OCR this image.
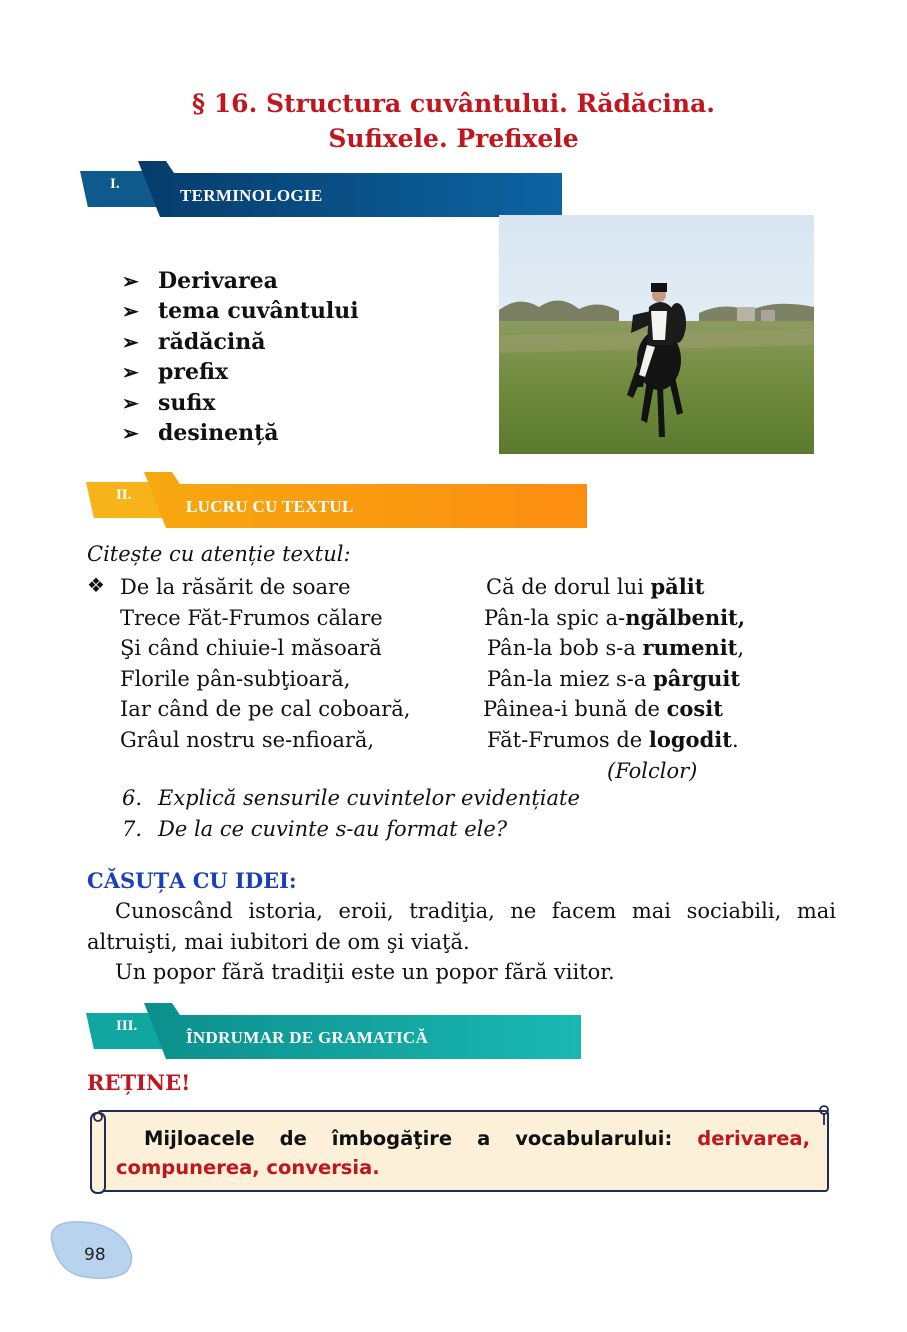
§ 16. Structura cuvântului. Rădăcina.
Sufixele. Prefixele
I.
TERMINOLOGIE
➢ Derivarea
➢ tema cuvântului
➢ rădăcină
➢ prefix
➢ sufix
➢ desinență
II.
LUCRU CU TEXTUL
Citește cu atenție textul:
❖ De la răsărit de soare
Trece Făt-Frumos călare
Şi când chiuie-l măsoară
Florile pân-subţioară,
Iar când de pe cal coboară,
Grâul nostru se-nfioară,
Că de dorul lui pălit
Pân-la spic a-ngălbenit,
Pân-la bob s-a rumenit,
Pân-la miez s-a pârguit
Pâinea-i bună de cosit
Făt-Frumos de logodit.
(Folclor)
6. Explică sensurile cuvintelor evidențiate
7. De la ce cuvinte s-au format ele?
CĂSUȚA CU IDEI:
Cunoscând istoria, eroii, tradiţia, ne facem mai sociabili, mai altruişti, mai iubitori de om şi viaţă.
Un popor fără tradiţii este un popor fără viitor.
III.
ÎNDRUMAR DE GRAMATICĂ
REȚINE!
Mijloacele de îmbogăţire a vocabularului: derivarea, compunerea, conversia.
98
